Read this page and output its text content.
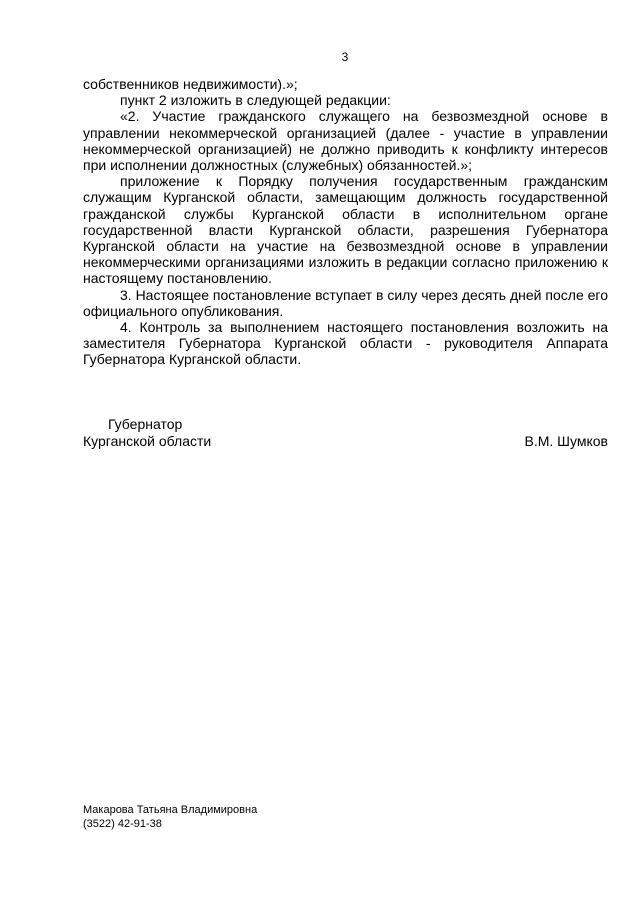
3

собственников недвижимости).»;

пункт 2 изложить в следующей редакции:

«2. Участие гражданского служащего на безвозмездной основе в управлении некоммерческой организацией (далее - участие в управлении некоммерческой организацией) не должно приводить к конфликту интересов при исполнении должностных (служебных) обязанностей.»;

приложение к Порядку получения государственным гражданским служащим Курганской области, замещающим должность государственной гражданской службы Курганской области в исполнительном органе государственной власти Курганской области, разрешения Губернатора Курганской области на участие на безвозмездной основе в управлении некоммерческими организациями изложить в редакции согласно приложению к настоящему постановлению.

3. Настоящее постановление вступает в силу через десять дней после его официального опубликования.

4. Контроль за выполнением настоящего постановления возложить на заместителя Губернатора Курганской области - руководителя Аппарата Губернатора Курганской области.

Губернатор
Курганской области	В.М. Шумков
Макарова Татьяна Владимировна
(3522) 42-91-38
